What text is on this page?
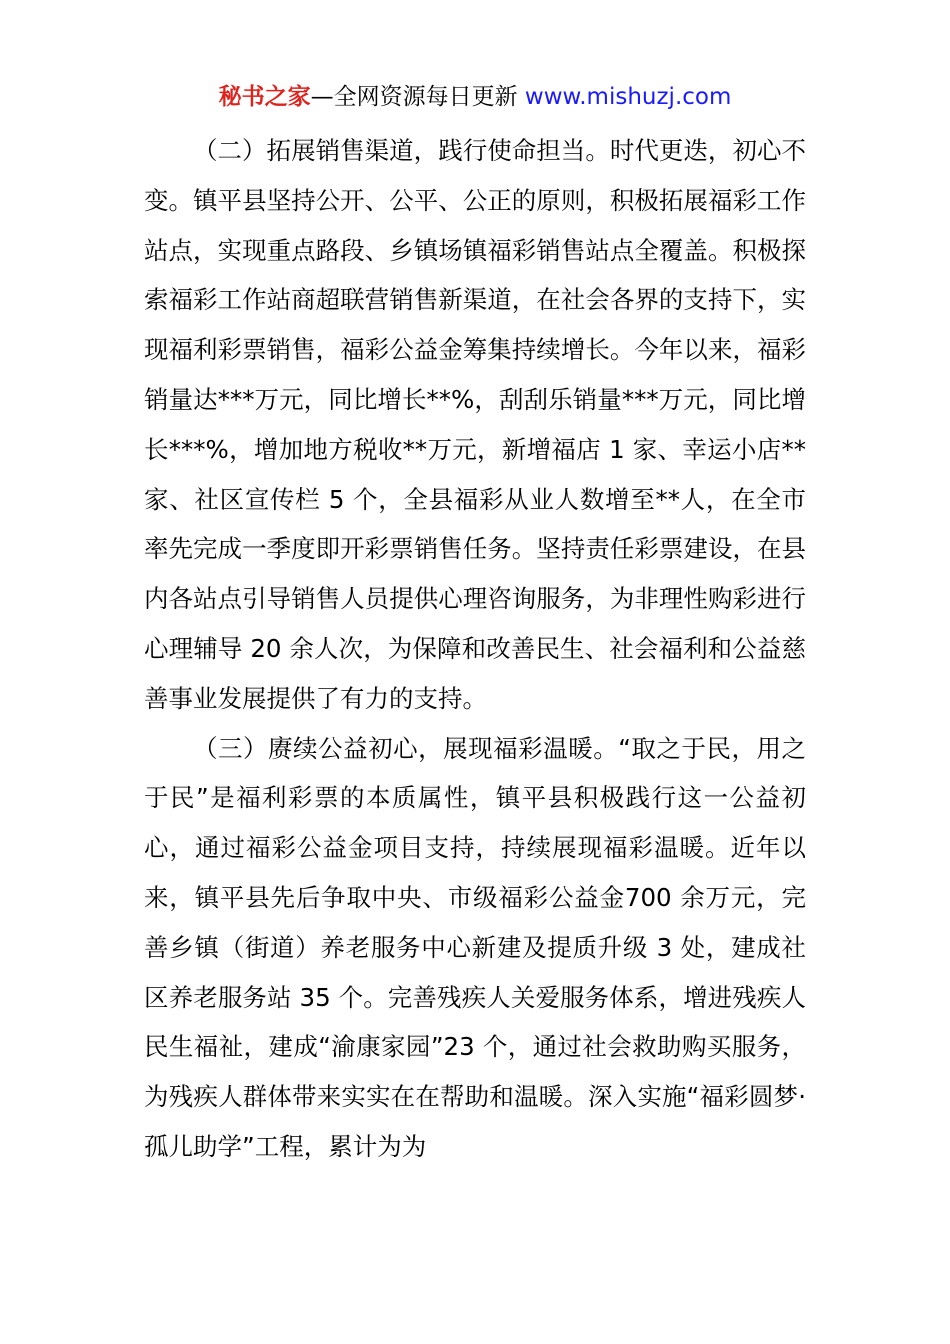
秘书之家—全网资源每日更新 www.mishuzj.com

（二）拓展销售渠道，践行使命担当。时代更迭，初心不变。镇平县坚持公开、公平、公正的原则，积极拓展福彩工作站点，实现重点路段、乡镇场镇福彩销售站点全覆盖。积极探索福彩工作站商超联营销售新渠道，在社会各界的支持下，实现福利彩票销售，福彩公益金筹集持续增长。今年以来，福彩销量达***万元，同比增长**%，刮刮乐销量***万元，同比增长***%，增加地方税收**万元，新增福店 1 家、幸运小店**家、社区宣传栏 5 个，全县福彩从业人数增至**人，在全市率先完成一季度即开彩票销售任务。坚持责任彩票建设，在县内各站点引导销售人员提供心理咨询服务，为非理性购彩进行心理辅导 20 余人次，为保障和改善民生、社会福利和公益慈善事业发展提供了有力的支持。

（三）赓续公益初心，展现福彩温暖。“取之于民，用之于民”是福利彩票的本质属性，镇平县积极践行这一公益初心，通过福彩公益金项目支持，持续展现福彩温暖。近年以来，镇平县先后争取中央、市级福彩公益金700 余万元，完善乡镇（街道）养老服务中心新建及提质升级 3 处，建成社区养老服务站 35 个。完善残疾人关爱服务体系，增进残疾人民生福祉，建成“渝康家园”23 个，通过社会救助购买服务，为残疾人群体带来实实在在帮助和温暖。深入实施“福彩圆梦·孤儿助学”工程，累计为为
